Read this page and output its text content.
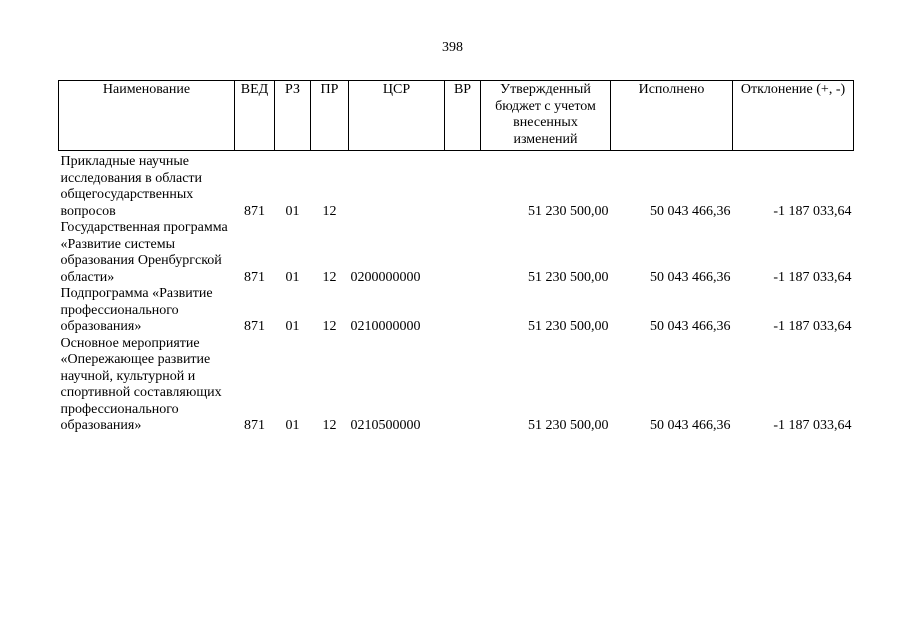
398
Наименование	ВЕД	РЗ	ПР	ЦСР	ВР	Утвержденный бюджет с учетом внесенных изменений	Исполнено	Отклонение (+, -)
Прикладные научные исследования в области общегосударственных вопросов	871	01	12			51 230 500,00	50 043 466,36	-1 187 033,64
Государственная программа «Развитие системы образования Оренбургской области»	871	01	12	0200000000		51 230 500,00	50 043 466,36	-1 187 033,64
Подпрограмма «Развитие профессионального образования»	871	01	12	0210000000		51 230 500,00	50 043 466,36	-1 187 033,64
Основное мероприятие «Опережающее развитие научной, культурной и спортивной составляющих профессионального образования»	871	01	12	0210500000		51 230 500,00	50 043 466,36	-1 187 033,64
